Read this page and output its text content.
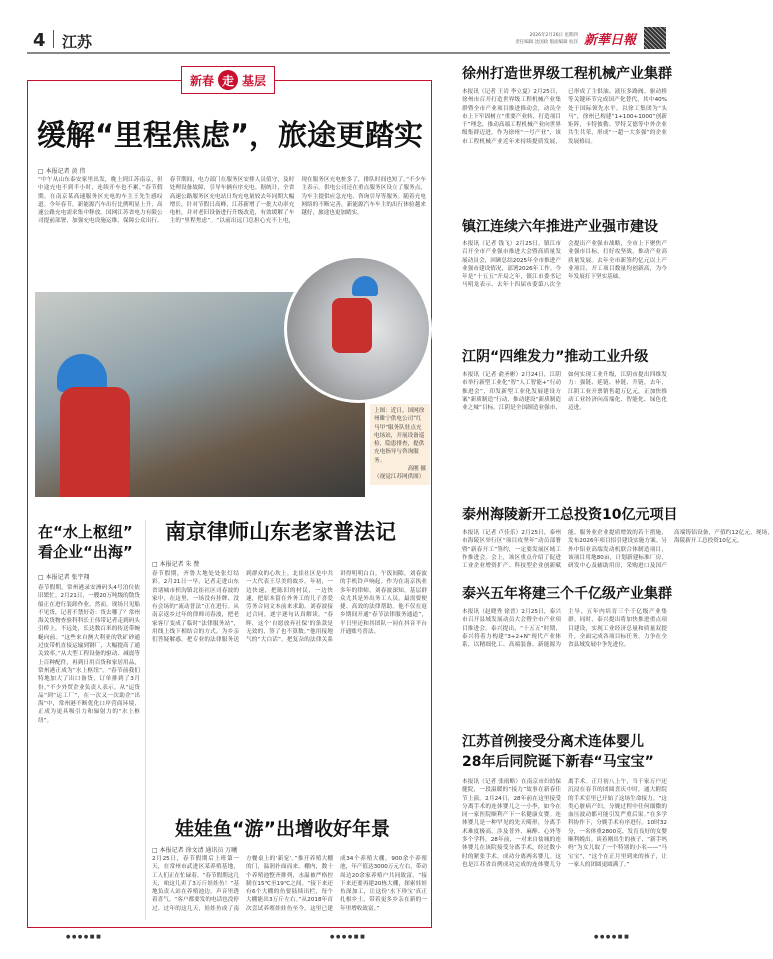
4 江苏	2026年2月26日 星期四
责任编辑 沈国政 版面编辑 杭洋 新華日報
新春 走 基层
缓解“里程焦虑”，旅途更踏实
□ 本报记者 黄 伟
“中午从山东泰安家里出发，晚上到江苏南京，但中途充电不到半小时，连续开车也不累。”春节假期，在南京某高速服务区充电的车主王先生感叹道。今年春节，新能源汽车出行比例明显上升，高速公路充电需求集中释放。国网江苏省电力有限公司提前部署，加强充电设施运维，保障公众出行。春节期间，电力部门在服务区安排人员值守，及时处理设备故障，引导车辆有序充电。据统计，全省高速公路服务区充电站日均充电量较去年同期大幅增长。针对节假日高峰，江苏新增了一批大功率充电桩，并对老旧设备进行升级改造，有效缓解了车主的“里程焦虑”。“以前出远门总担心充不上电，现在服务区充电桩多了，排队时间也短了。”不少车主表示。供电公司还在重点服务区设立了服务点，为车主提供应急充电、咨询引导等服务。随着充电网络的不断完善，新能源汽车车主的出行体验越来越好，旅途也更加踏实。
上图：近日，国网徐州睢宁供电公司“红马甲”服务队驻点充电场站，开展设备巡检，隐患排查，提供充电指导与咨询服务。
高刚 摄
（视觉江苏网供图）
在“水上枢纽”
看企业“出海”
□ 本报记者 张宇翔
春节假期，常州港录安洲码头4号泊位依旧繁忙。2月21日，一艘20万吨级的散货船正在进行装卸作业。然而，现场只见船不见货，记者不禁好奇：货去哪了？常州海关货物查验科科长王伟带记者走到码头引桥上，不远处，长达数百米的传送带蜿蜒向前。“这些来自澳大利亚的铁矿砂通过皮带机直接运输到钢厂，大幅提高了通关效率。”从大型工程设备的驱动、减震等上百种配件，再到日用百货和家居用品，常州港正成为“水上枢纽”。“春节前我们特地加大了出口备货，订单排到了3月份。”不少外贸企业负责人表示。从“运货品”到“运工厂”，在一次又一次助企“出海”中，常州港不断优化口岸营商环境，正成为更具吸引力和辐射力的“水上枢纽”。
南京律师山东老家普法记
□ 本报记者 朱 赞
春节假期，齐鲁大地处处张灯结彩。2月21日一早，记者走进山东省诸城市枳沟镇北崔社区司春波的家中，在这里，一场没有挂牌、没有会场的“流动普法”正在进行。从南京返乡过年的律师司春波，把老家客厅变成了临时“法律服务站”，用线上线下相结合的方式，为乡亲们答疑解惑，把专业的法律服务送到群众的心坎上。北崔社区是中共一大代表王尽美的故乡。年初，一边快速，把陈旧的村民，一边快速，把原本留在外务工的儿子喜爱劳务合同文本前来求助。刘春波接过合同，逐字逐句认真解读。“春晖，这个‘自愿放弃社保’的条款是无效的，签了也不算数。”他用接地气的“大白话”，把复杂的法律关系讲得明明白白。午饭间隙，刘春波的手机铃声响起。作为在南京执业多年的律师，刘春波深知，基层群众尤其是外出务工人员，最需要便捷、高效的法律帮助。他不仅在返乡期间开通“春节法律服务通道”，平日里还和其团队一同在抖音平台开通账号普法。
娃娃鱼“游”出增收好年景
□ 本报记者 徐文清 通讯员 万曦
2月25日，春节假期后上班第一天，在常州市武进区某养殖基地，工人们正在忙碌着。“春节假期这几天，咱这儿卖了3万斤娃娃鱼！”基地负责人站在养殖池边，声音里透着喜气。“客户都要发的电话也没停过，过年的这几天，娃娃鱼成了南方餐桌上的‘新宠’。”推开养殖大棚的门，温润扑面而来。棚内，数十个养殖池整齐排列，水温被严格控制在15℃至19℃之间。“接下来还有6个大棚的鱼要陆续出栏，每个大棚能出3万斤左右。”从2018年首次尝试养殖娃娃鱼至今，这里已建成34个养殖大棚，900余个养殖池，年产值达3000万元左右，带动周边20余家养殖户共同致富。“接下来还要再建20栋大棚，探索娃娃鱼深加工，让这份‘水下珍宝’真正扎根乡土，带着更多乡亲在新的一年里增收致富。”
● ● ● ● ■ ■	● ● ● ● ■ ■	● ● ● ● ■ ■
徐州打造世界级工程机械产业集群
本报讯（记者 王岩 李立夏）2月25日，徐州市召开打造世界级工程机械产业集群暨全市产业项目推进推动会，动员全市上下牢固树立“重要产业转、打造项目千”理念，推动高端工程机械产业向世界级集群迈进。作为徐州“一号产业”，该市工程机械产业近年来持续提质发展，已形成了主供油、液压多路阀、驱动桥等关键环节完成国产化替代，其中40%处于国际领先水平。以徐工集团为“头马”，徐州已构建“1+100+1000”创新矩阵，卡特彼勒、罗特艾德等中外企业共生共荣，形成“一超一大多强”的企业发展格局。
镇江连续六年推进产业强市建设
本报讯（记者 钱飞）2月25日，镇江市召开全市产业强市推进大会暨高质量发展动员会，回顾总结2025年全市推进产业强市建设情况，部署2026年工作。今年是“十五五”开局之年，镇江市委书记马明龙表示，去年十四届市委第八次全会提出产业强市战略，全市上下聚焦产业强市目标，打好攻坚战，推动产业高质量发展。去年全市新签约亿元以上产业项目、开工项目数量均创新高，为今年发展打下坚实基础。
江阴“四维发力”推动工业升级
本报讯（记者 俞圣彬）2月24日，江阴市举行新型工业化“智”人工智能+“行动推进会”，印发新型工业化发展建设方案“新质制造”行动，推动建设“新质制造业之城”目标。江阴是全国制造业强市，如何实现工业升级，江阴市提出四维发力：强链、延链、补链、升链。去年，江阴工业开票销售超万亿元，正加快推动工业经济向高端化、智能化、绿色化迈进。
泰州海陵新开工总投资10亿元项目
本报讯（记者 卢佳乐）2月25日，泰州市海陵区举行区“项目攻坚年”动员部署暨“新春开工”签约，一定要发展区域工作推进会。会上，该区重点介绍了促进工业企业增资扩产、科技型企业创新赋能、服务业企业提质增效的若干措施，发布2026年项目招引建设实施方案。另外中铝业高端发动机联合体制造项目，该项目用地80亩，计划新建标准厂房、研发中心及辅助用房，采购进口及国产高端铸铝设备，产值约12亿元。现场，海陵新开工总投资10亿元。
泰兴五年将建三个千亿级产业集群
本报讯（赵晓秀 徐晋）2月25日，泰兴市召开县域发展动员大会暨全市产业项目推进会。泰兴提出，“十五五”时期，泰兴将着力构建“3+2+N”现代产业体系，以精细化工、高端装备、新能源为主导，五年内培育三个千亿级产业集群。同时，泰兴提出将加快推进重点项目建设，实现工业经济总量和质量双提升，全面完成各项目标任务，力争在全省县域发展中争先进位。
江苏首例接受分离术连体婴儿
28年后同院诞下新春“马宝宝”
本报讯（记者 张雨略）在南京市妇幼保健院，一段温暖的“接力”故事在新春佳节上演。2月24日，28年前在这里接受分离手术的连体婴儿之一小李，如今在同一家医院顺利产下一名健康女婴。连体婴儿是一种罕见的先天畸形，分离手术难度极高，涉及普外、麻醉、心外等多个学科。28年前，一对来自盐城的连体婴儿在该院接受分离手术，经过数小时的紧张手术，成功分离两名婴儿。这也是江苏省首例成功完成的连体婴儿分离手术。正月初八上午，当千家万户还沉浸在春节的团圆喜庆中时，通大附院的手术室里已开始了这场生命接力。“这类心脏病产妇，分娩过程中任何细微的血压波动都可能引发严重后果。”在多学科协作下，分娩手术有序进行。10时32分，一名体重2800克、发育良好的女婴顺利娩出。谈着刚出生的孩子，“新手妈妈”为女儿取了一个特别的小名——“马宝宝”，“这个在正月里到来的孩子，让一家人的团圆更圆满了。”
